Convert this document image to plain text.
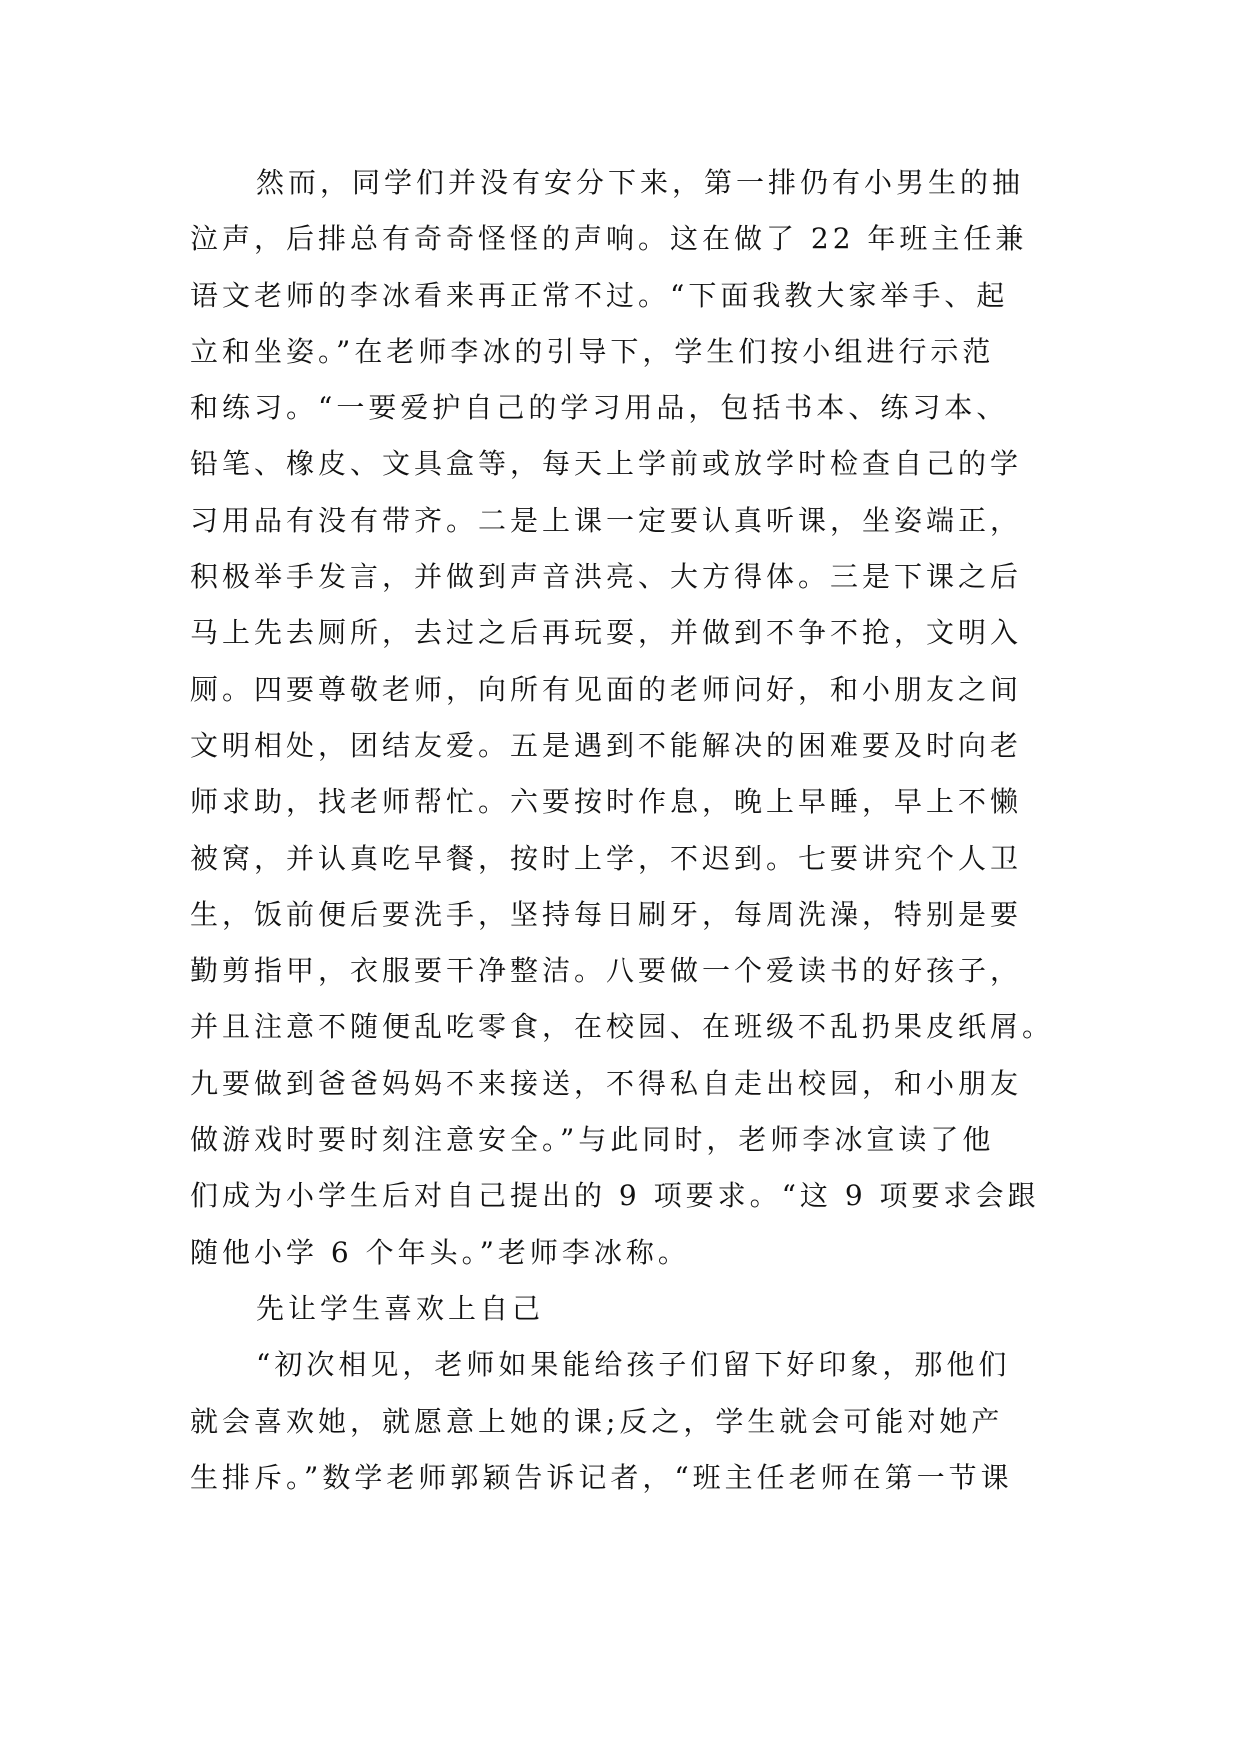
然而，同学们并没有安分下来，第一排仍有小男生的抽
泣声，后排总有奇奇怪怪的声响。这在做了 22 年班主任兼
语文老师的李冰看来再正常不过。“下面我教大家举手、起
立和坐姿。”在老师李冰的引导下，学生们按小组进行示范
和练习。“一要爱护自己的学习用品，包括书本、练习本、
铅笔、橡皮、文具盒等，每天上学前或放学时检查自己的学
习用品有没有带齐。二是上课一定要认真听课，坐姿端正，
积极举手发言，并做到声音洪亮、大方得体。三是下课之后
马上先去厕所，去过之后再玩耍，并做到不争不抢，文明入
厕。四要尊敬老师，向所有见面的老师问好，和小朋友之间
文明相处，团结友爱。五是遇到不能解决的困难要及时向老
师求助，找老师帮忙。六要按时作息，晚上早睡，早上不懒
被窝，并认真吃早餐，按时上学，不迟到。七要讲究个人卫
生，饭前便后要洗手，坚持每日刷牙，每周洗澡，特别是要
勤剪指甲，衣服要干净整洁。八要做一个爱读书的好孩子，
并且注意不随便乱吃零食，在校园、在班级不乱扔果皮纸屑。
九要做到爸爸妈妈不来接送，不得私自走出校园，和小朋友
做游戏时要时刻注意安全。”与此同时，老师李冰宣读了他
们成为小学生后对自己提出的 9 项要求。“这 9 项要求会跟
随他小学 6 个年头。”老师李冰称。
先让学生喜欢上自己
“初次相见，老师如果能给孩子们留下好印象，那他们
就会喜欢她，就愿意上她的课;反之，学生就会可能对她产
生排斥。”数学老师郭颖告诉记者，“班主任老师在第一节课
